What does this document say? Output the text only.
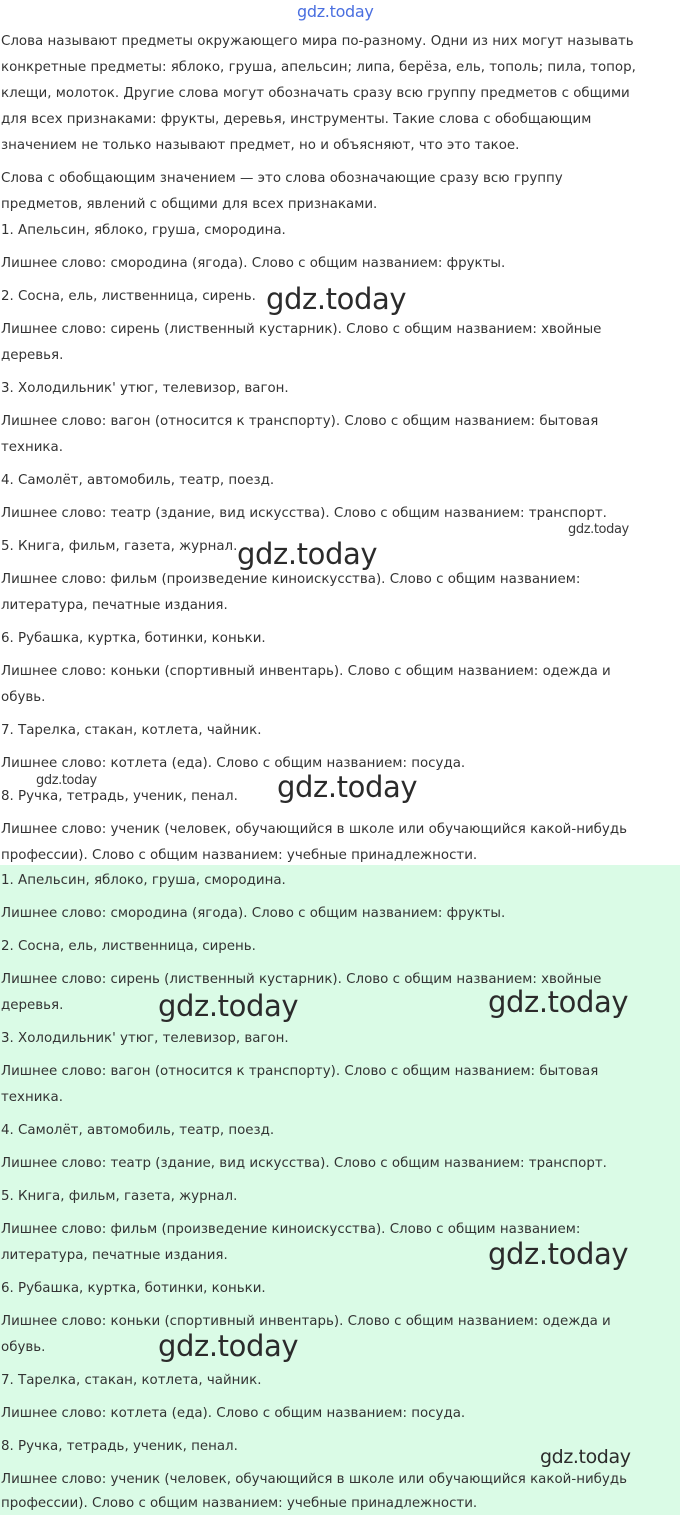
gdz.today
Слова называют предметы окружающего мира по-разному. Одни из них могут называть
конкретные предметы: яблоко, груша, апельсин; липа, берёза, ель, тополь; пила, топор,
клещи, молоток. Другие слова могут обозначать сразу всю группу предметов с общими
для всех признаками: фрукты, деревья, инструменты. Такие слова с обобщающим
значением не только называют предмет, но и объясняют, что это такое.
Слова с обобщающим значением — это слова обозначающие сразу всю группу
предметов, явлений с общими для всех признаками.
1. Апельсин, яблоко, груша, смородина.
Лишнее слово: смородина (ягода). Слово с общим названием: фрукты.
2. Сосна, ель, лиственница, сирень.
Лишнее слово: сирень (лиственный кустарник). Слово с общим названием: хвойные
деревья.
3. Холодильник' утюг, телевизор, вагон.
Лишнее слово: вагон (относится к транспорту). Слово с общим названием: бытовая
техника.
4. Самолёт, автомобиль, театр, поезд.
Лишнее слово: театр (здание, вид искусства). Слово с общим названием: транспорт.
5. Книга, фильм, газета, журнал.
Лишнее слово: фильм (произведение киноискусства). Слово с общим названием:
литература, печатные издания.
6. Рубашка, куртка, ботинки, коньки.
Лишнее слово: коньки (спортивный инвентарь). Слово с общим названием: одежда и
обувь.
7. Тарелка, стакан, котлета, чайник.
Лишнее слово: котлета (еда). Слово с общим названием: посуда.
8. Ручка, тетрадь, ученик, пенал.
Лишнее слово: ученик (человек, обучающийся в школе или обучающийся какой-нибудь
профессии). Слово с общим названием: учебные принадлежности.
1. Апельсин, яблоко, груша, смородина.
Лишнее слово: смородина (ягода). Слово с общим названием: фрукты.
2. Сосна, ель, лиственница, сирень.
Лишнее слово: сирень (лиственный кустарник). Слово с общим названием: хвойные
деревья.
3. Холодильник' утюг, телевизор, вагон.
Лишнее слово: вагон (относится к транспорту). Слово с общим названием: бытовая
техника.
4. Самолёт, автомобиль, театр, поезд.
Лишнее слово: театр (здание, вид искусства). Слово с общим названием: транспорт.
5. Книга, фильм, газета, журнал.
Лишнее слово: фильм (произведение киноискусства). Слово с общим названием:
литература, печатные издания.
6. Рубашка, куртка, ботинки, коньки.
Лишнее слово: коньки (спортивный инвентарь). Слово с общим названием: одежда и
обувь.
7. Тарелка, стакан, котлета, чайник.
Лишнее слово: котлета (еда). Слово с общим названием: посуда.
8. Ручка, тетрадь, ученик, пенал.
Лишнее слово: ученик (человек, обучающийся в школе или обучающийся какой-нибудь
профессии). Слово с общим названием: учебные принадлежности.
gdz.today
gdz.today
gdz.today
gdz.today	gdz.today
gdz.today	gdz.today
gdz.today
gdz.today
gdz.today
